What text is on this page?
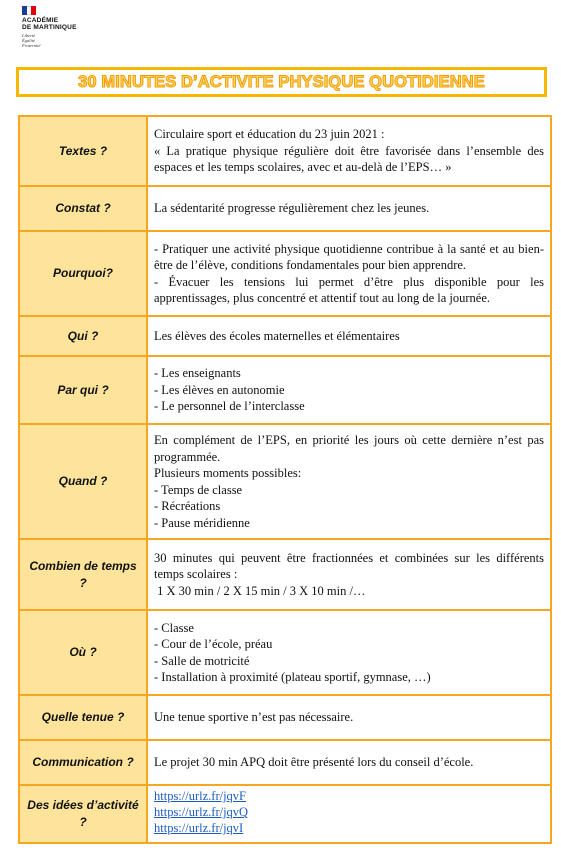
ACADÉMIE
DE MARTINIQUE
Liberté
Égalité
Fraternité
30 MINUTES D’ACTIVITE PHYSIQUE QUOTIDIENNE
Textes ?	Circulaire sport et éducation du 23 juin 2021 :
« La pratique physique régulière doit être favorisée dans l’ensemble des espaces et les temps scolaires, avec et au-delà de l’EPS… »

Constat ?	La sédentarité progresse régulièrement chez les jeunes.

Pourquoi?	- Pratiquer une activité physique quotidienne contribue à la santé et au bien-être de l’élève, conditions fondamentales pour bien apprendre.
- Évacuer les tensions lui permet d’être plus disponible pour les apprentissages, plus concentré et attentif tout au long de la journée.

Qui ?	Les élèves des écoles maternelles et élémentaires

Par qui ?	- Les enseignants
- Les élèves en autonomie
- Le personnel de l’interclasse

Quand ?	En complément de l’EPS, en priorité les jours où cette dernière n’est pas programmée.
Plusieurs moments possibles:
- Temps de classe
- Récréations
- Pause méridienne

Combien de temps ?	30 minutes qui peuvent être fractionnées et combinées sur les différents temps scolaires :
1 X 30 min / 2 X 15 min / 3 X 10 min /…

Où ?	- Classe
- Cour de l’école, préau
- Salle de motricité
- Installation à proximité (plateau sportif, gymnase, …)

Quelle tenue ?	Une tenue sportive n’est pas nécessaire.

Communication ?	Le projet 30 min APQ doit être présenté lors du conseil d’école.

Des idées d’activité ?	https://urlz.fr/jqvF
https://urlz.fr/jqvQ
https://urlz.fr/jqvI
